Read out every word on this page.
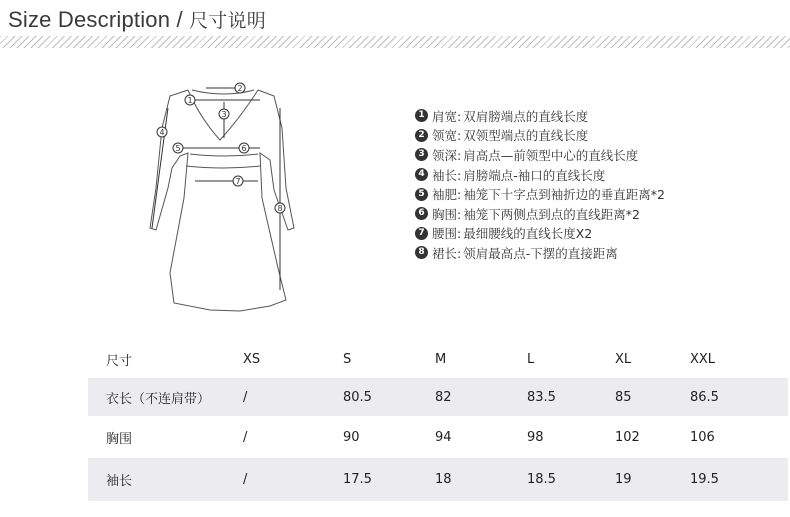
Size Description / 尺寸说明
1
2
3
4
5	6
7
8
1 肩宽: 双肩膀端点的直线长度
2 领宽: 双领型端点的直线长度
3 领深: 肩高点—前领型中心的直线长度
4 袖长: 肩膀端点-袖口的直线长度
5 袖肥: 袖笼下十字点到袖折边的垂直距离*2
6 胸围: 袖笼下两侧点到点的直线距离*2
7 腰围: 最细腰线的直线长度X2
8 裙长: 领肩最高点-下摆的直接距离
尺寸	XS	S	M	L	XL	XXL
衣长（不连肩带）	/	80.5	82	83.5	85	86.5
胸围	/	90	94	98	102	106
袖长	/	17.5	18	18.5	19	19.5
